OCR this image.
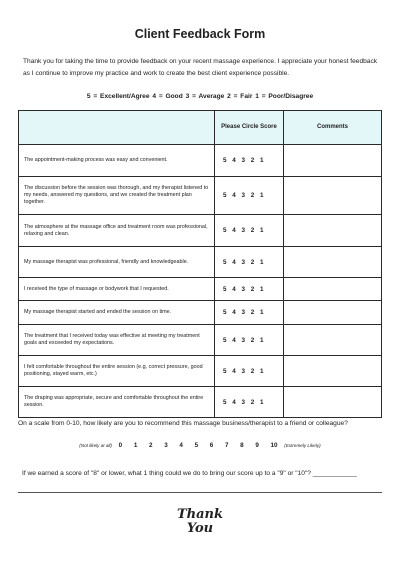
Client Feedback Form
Thank you for taking the time to provide feedback on your recent massage experience. I appreciate your honest feedback as I continue to improve my practice and work to create the best client experience possible.
5 = Excellent/Agree 4 = Good 3 = Average 2 = Fair 1 = Poor/Disagree
	Please Circle Score	Comments
The appointment-making process was easy and convenient.	5 4 3 2 1	
The discussion before the session was thorough, and my therapist listened to my needs, answered my questions, and we created the treatment plan together.	5 4 3 2 1	
The atmosphere at the massage office and treatment room was professional, relaxing and clean.	5 4 3 2 1	
My massage therapist was professional, friendly and knowledgeable.	5 4 3 2 1	
I received the type of massage or bodywork that I requested.	5 4 3 2 1	
My massage therapist started and ended the session on time.	5 4 3 2 1	
The treatment that I received today was effective at meeting my treatment goals and exceeded my expectations.	5 4 3 2 1	
I felt comfortable throughout the entire session (e.g, correct pressure, good positioning, stayed warm, etc.)	5 4 3 2 1	
The draping was appropriate, secure and comfortable throughout the entire session.	5 4 3 2 1	
On a scale from 0-10, how likely are you to recommend this massage business/therapist to a friend or colleague?
(Not likely at all) 0 1 2 3 4 5 6 7 8 9 10 (Extremely Likely)
If we earned a score of "8" or lower, what 1 thing could we do to bring our score up to a "9" or "10"? ____________
Thank
You
